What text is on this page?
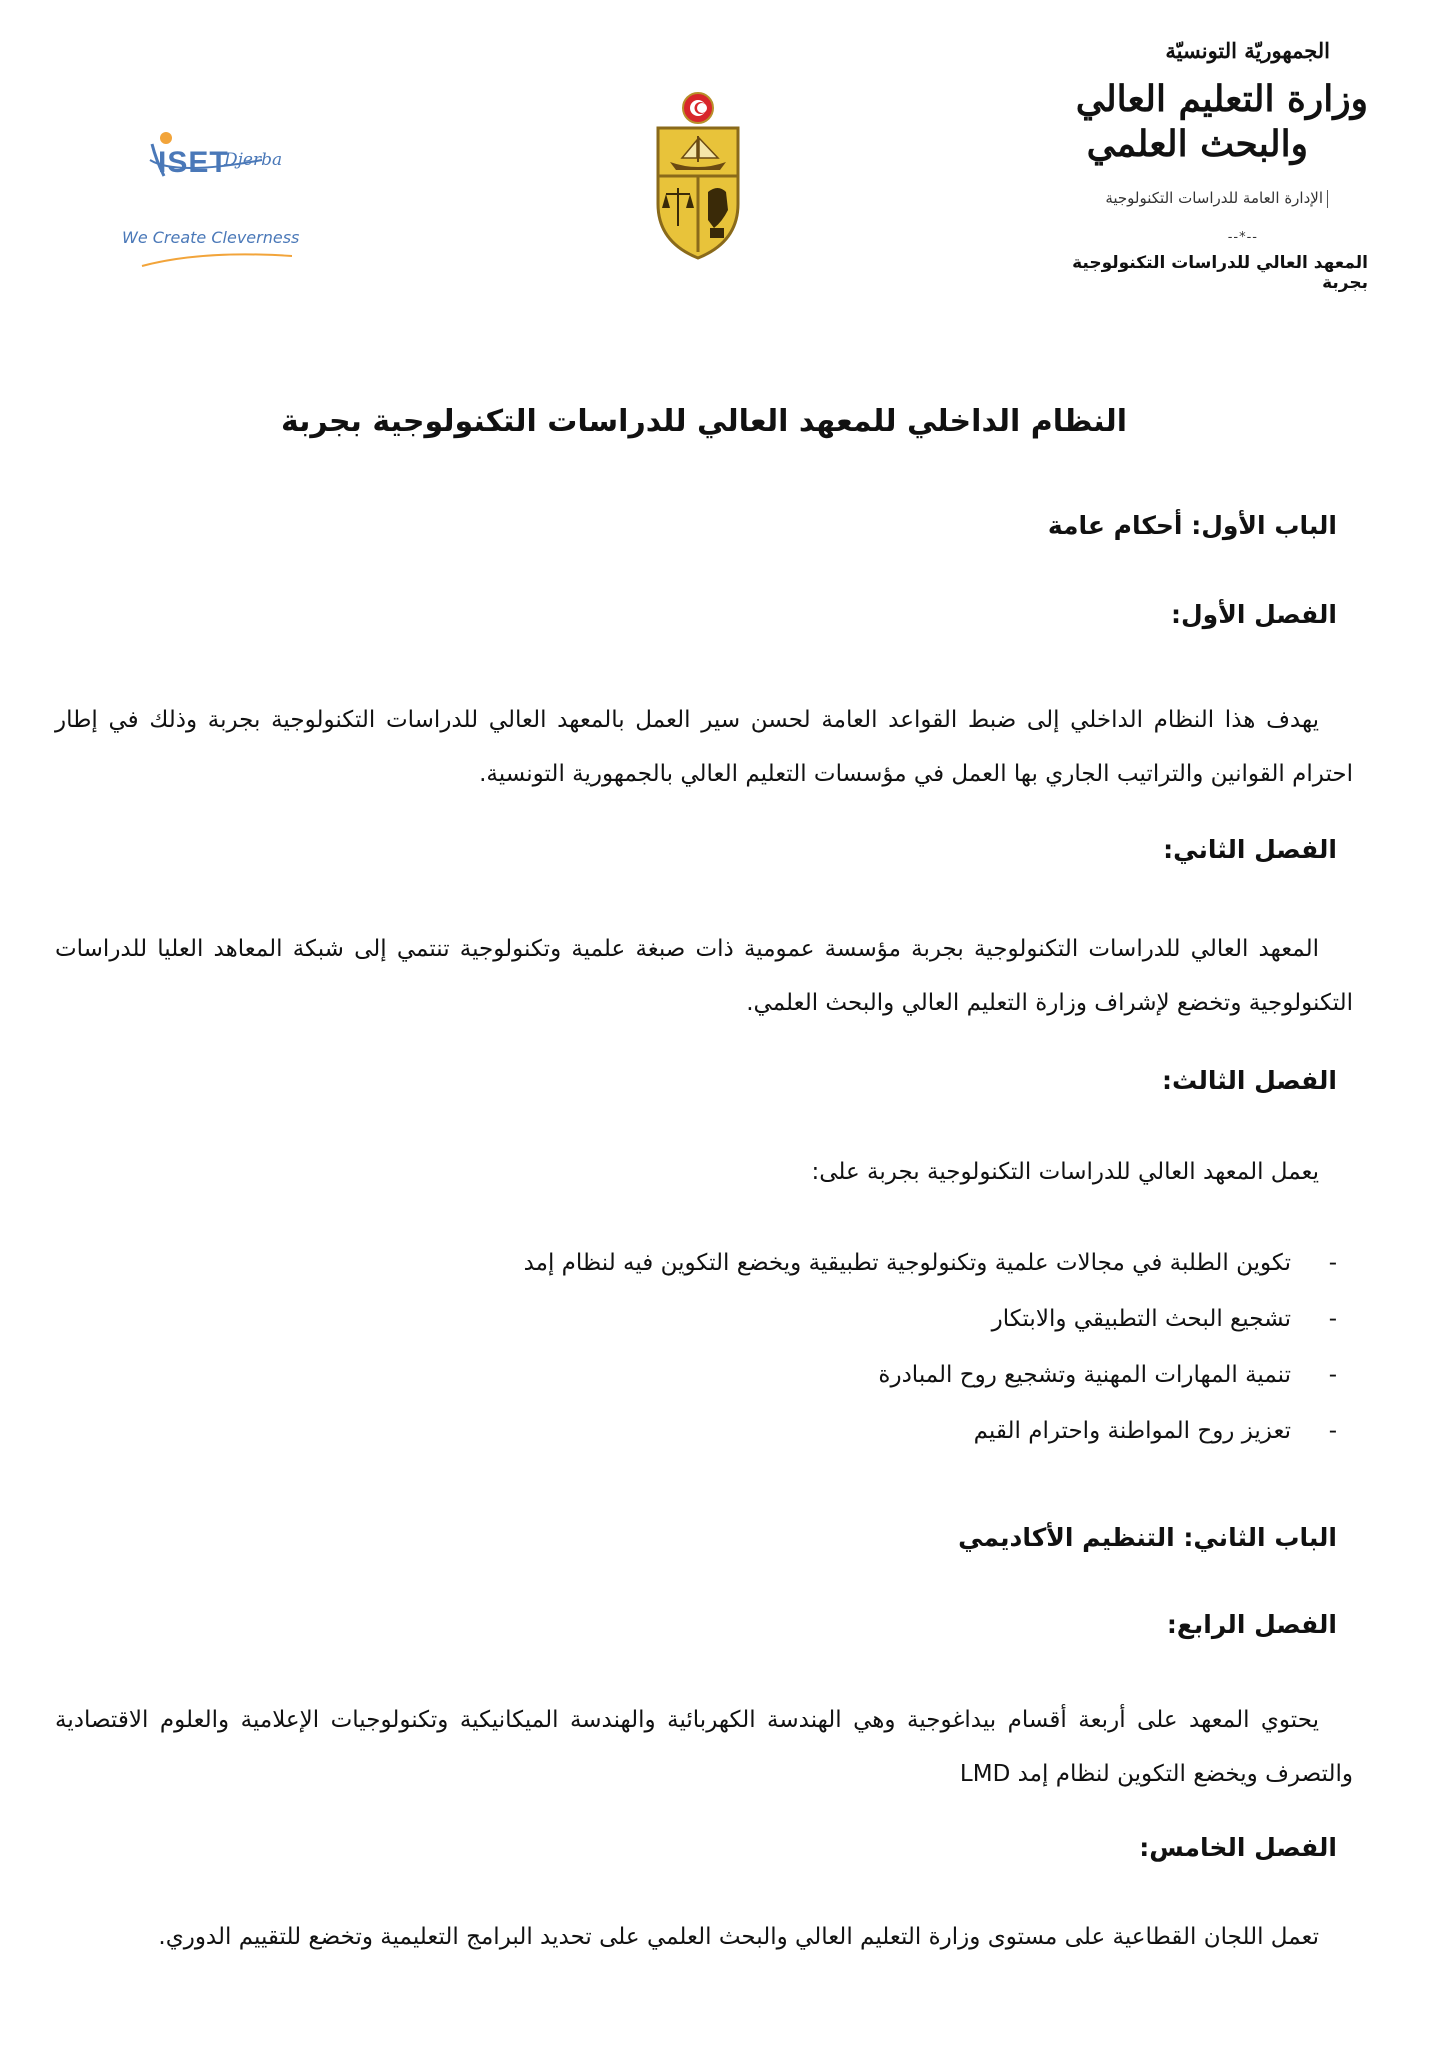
الجمهوريّة التونسيّة
وزارة التعليم العالي
والبحث العلمي
الإدارة العامة للدراسات التكنولوجية
--*--
المعهد العالي للدراسات التكنولوجية بجربة
ISET
Djerba
We Create Cleverness
النظام الداخلي للمعهد العالي للدراسات التكنولوجية بجربة
الباب الأول: أحكام عامة
الفصل الأول:

يهدف هذا النظام الداخلي إلى ضبط القواعد العامة لحسن سير العمل بالمعهد العالي للدراسات التكنولوجية بجربة وذلك في إطار احترام القوانين والتراتيب الجاري بها العمل في مؤسسات التعليم العالي بالجمهورية التونسية.

الفصل الثاني:

المعهد العالي للدراسات التكنولوجية بجربة مؤسسة عمومية ذات صبغة علمية وتكنولوجية تنتمي إلى شبكة المعاهد العليا للدراسات التكنولوجية وتخضع لإشراف وزارة التعليم العالي والبحث العلمي.

الفصل الثالث:

يعمل المعهد العالي للدراسات التكنولوجية بجربة على:

-تكوين الطلبة في مجالات علمية وتكنولوجية تطبيقية ويخضع التكوين فيه لنظام إمد
-تشجيع البحث التطبيقي والابتكار
-تنمية المهارات المهنية وتشجيع روح المبادرة
-تعزيز روح المواطنة واحترام القيم
الباب الثاني: التنظيم الأكاديمي
الفصل الرابع:

يحتوي المعهد على أربعة أقسام بيداغوجية وهي الهندسة الكهربائية والهندسة الميكانيكية وتكنولوجيات الإعلامية والعلوم الاقتصادية والتصرف ويخضع التكوين لنظام إمد LMD

الفصل الخامس:

تعمل اللجان القطاعية على مستوى وزارة التعليم العالي والبحث العلمي على تحديد البرامج التعليمية وتخضع للتقييم الدوري.
